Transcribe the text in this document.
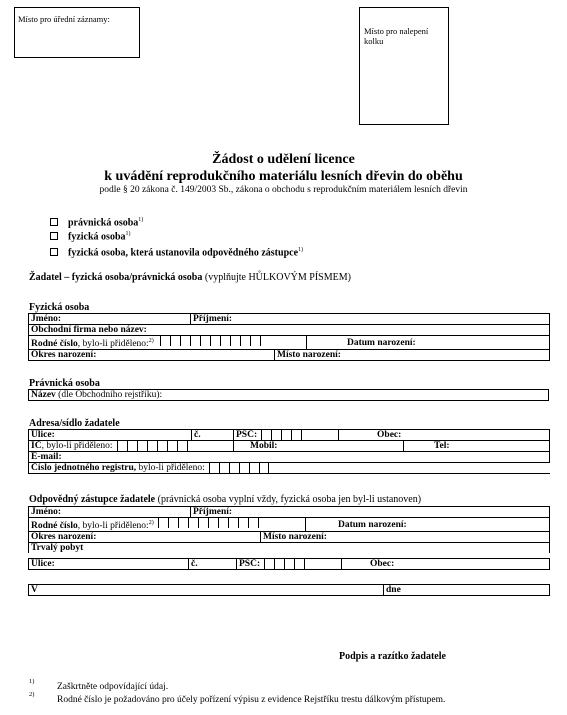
Místo pro úřední záznamy:
Místo pro nalepení kolku
Žádost o udělení licence
k uvádění reprodukčního materiálu lesních dřevin do oběhu
podle § 20 zákona č. 149/2003 Sb., zákona o obchodu s reprodukčním materiálem lesních dřevin
právnická osoba$^{1)}$
fyzická osoba$^{1)}$
fyzická osoba, která ustanovila odpovědného zástupce$^{1)}$
Žadatel – fyzická osoba/právnická osoba (vyplňujte HŮLKOVÝM PÍSMEM)
Fyzická osoba
Jméno:	Příjmení:		
Obchodní firma nebo název:			
Rodné číslo, bylo-li přiděleno:$^{2)}$			Datum narození:
Okres narození:		Místo narození:	
Právnická osoba
Název (dle Obchodního rejstříku):
Adresa/sídlo žadatele
Ulice:	č.	PSČ:	Obec:	
IČ, bylo-li přiděleno:		Mobil:		Tel:
E-mail:				
Číslo jednotného registru, bylo-li přiděleno:				
Odpovědný zástupce žadatele (právnická osoba vyplní vždy, fyzická osoba jen byl-li ustanoven)
Jméno:	Příjmení:		
Rodné číslo, bylo-li přiděleno:$^{2)}$			Datum narození:
Okres narození:		Místo narození:	
Trvalý pobyt			
Ulice:	č.	PSČ:	Obec:
V	dne
Podpis a razítko žadatele
1)
Zaškrtněte odpovídající údaj.
2)
Rodné číslo je požadováno pro účely pořízení výpisu z evidence Rejstříku trestu dálkovým přístupem.
